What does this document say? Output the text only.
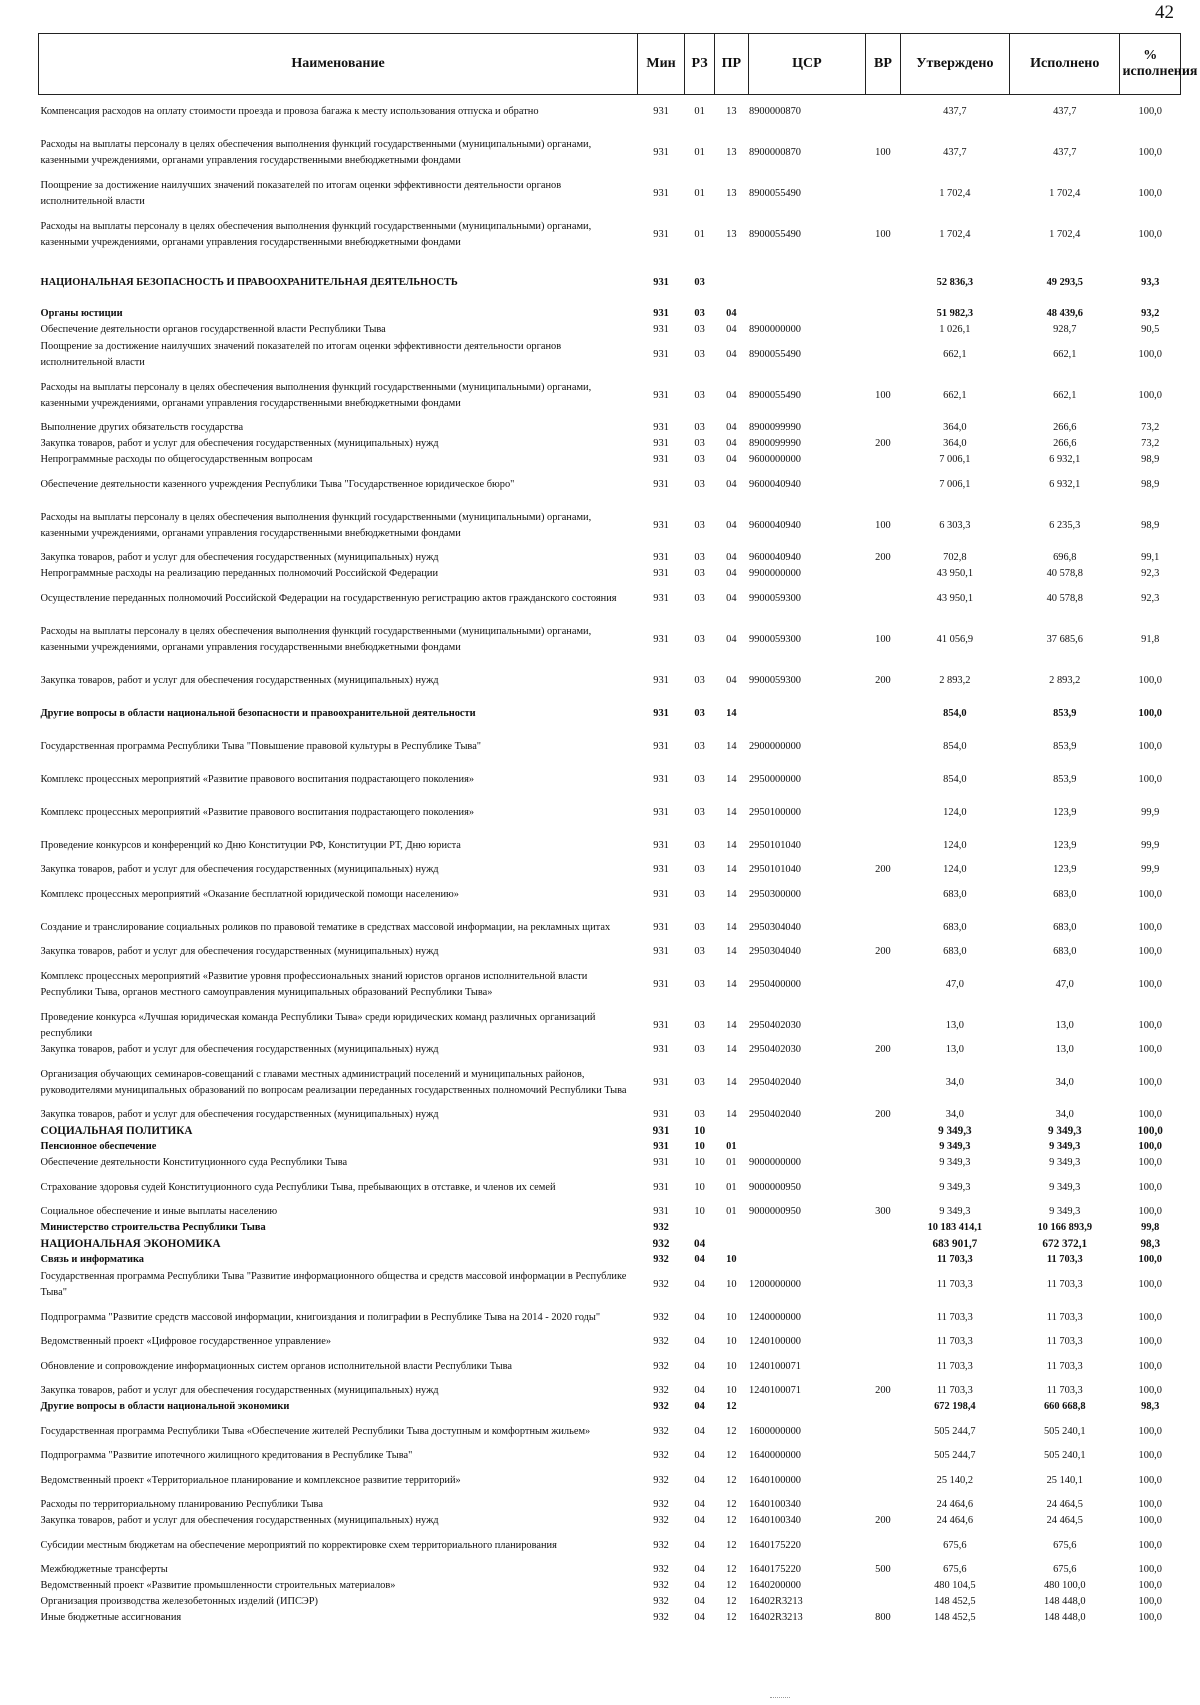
42
Наименование	Мин	РЗ	ПР	ЦСР	ВР	Утверждено	Исполнено	% исполнения
Компенсация расходов на оплату стоимости проезда и провоза багажа к месту использования отпуска и обратно	931	01	13	8900000870		437,7	437,7	100,0
Расходы на выплаты персоналу в целях обеспечения выполнения функций государственными (муниципальными) органами, казенными учреждениями, органами управления государственными внебюджетными фондами	931	01	13	8900000870	100	437,7	437,7	100,0
Поощрение за достижение наилучших значений показателей по итогам оценки эффективности деятельности органов исполнительной власти	931	01	13	8900055490		1 702,4	1 702,4	100,0
Расходы на выплаты персоналу в целях обеспечения выполнения функций государственными (муниципальными) органами, казенными учреждениями, органами управления государственными внебюджетными фондами	931	01	13	8900055490	100	1 702,4	1 702,4	100,0

НАЦИОНАЛЬНАЯ БЕЗОПАСНОСТЬ И ПРАВООХРАНИТЕЛЬНАЯ ДЕЯТЕЛЬНОСТЬ	931	03				52 836,3	49 293,5	93,3

Органы юстиции	931	03	04			51 982,3	48 439,6	93,2
Обеспечение деятельности органов государственной власти Республики Тыва	931	03	04	8900000000		1 026,1	928,7	90,5
Поощрение за достижение наилучших значений показателей по итогам оценки эффективности деятельности органов исполнительной власти	931	03	04	8900055490		662,1	662,1	100,0
Расходы на выплаты персоналу в целях обеспечения выполнения функций государственными (муниципальными) органами, казенными учреждениями, органами управления государственными внебюджетными фондами	931	03	04	8900055490	100	662,1	662,1	100,0
Выполнение других обязательств государства	931	03	04	8900099990		364,0	266,6	73,2
Закупка товаров, работ и услуг для обеспечения государственных (муниципальных) нужд	931	03	04	8900099990	200	364,0	266,6	73,2
Непрограммные расходы по общегосударственным вопросам	931	03	04	9600000000		7 006,1	6 932,1	98,9
Обеспечение деятельности казенного учреждения Республики Тыва "Государственное юридическое бюро"	931	03	04	9600040940		7 006,1	6 932,1	98,9
Расходы на выплаты персоналу в целях обеспечения выполнения функций государственными (муниципальными) органами, казенными учреждениями, органами управления государственными внебюджетными фондами	931	03	04	9600040940	100	6 303,3	6 235,3	98,9
Закупка товаров, работ и услуг для обеспечения государственных (муниципальных) нужд	931	03	04	9600040940	200	702,8	696,8	99,1
Непрограммные расходы на реализацию переданных полномочий Российской Федерации	931	03	04	9900000000		43 950,1	40 578,8	92,3
Осуществление переданных полномочий Российской Федерации на государственную регистрацию актов гражданского состояния	931	03	04	9900059300		43 950,1	40 578,8	92,3
Расходы на выплаты персоналу в целях обеспечения выполнения функций государственными (муниципальными) органами, казенными учреждениями, органами управления государственными внебюджетными фондами	931	03	04	9900059300	100	41 056,9	37 685,6	91,8
Закупка товаров, работ и услуг для обеспечения государственных (муниципальных) нужд	931	03	04	9900059300	200	2 893,2	2 893,2	100,0
Другие вопросы в области национальной безопасности и правоохранительной деятельности	931	03	14			854,0	853,9	100,0
Государственная программа Республики Тыва "Повышение правовой культуры в Республике Тыва"	931	03	14	2900000000		854,0	853,9	100,0
Комплекс процессных мероприятий «Развитие правового воспитания подрастающего поколения»	931	03	14	2950000000		854,0	853,9	100,0
Комплекс процессных мероприятий «Развитие правового воспитания подрастающего поколения»	931	03	14	2950100000		124,0	123,9	99,9
Проведение конкурсов и конференций ко Дню Конституции РФ, Конституции РТ, Дню юриста	931	03	14	2950101040		124,0	123,9	99,9
Закупка товаров, работ и услуг для обеспечения государственных (муниципальных) нужд	931	03	14	2950101040	200	124,0	123,9	99,9
Комплекс процессных мероприятий «Оказание бесплатной юридической помощи населению»	931	03	14	2950300000		683,0	683,0	100,0
Создание и транслирование социальных роликов по правовой тематике в средствах массовой информации, на рекламных щитах	931	03	14	2950304040		683,0	683,0	100,0
Закупка товаров, работ и услуг для обеспечения государственных (муниципальных) нужд	931	03	14	2950304040	200	683,0	683,0	100,0
Комплекс процессных мероприятий «Развитие уровня профессиональных знаний юристов органов исполнительной власти Республики Тыва, органов местного самоуправления муниципальных образований Республики Тыва»	931	03	14	2950400000		47,0	47,0	100,0
Проведение конкурса «Лучшая юридическая команда Республики Тыва» среди юридических команд различных организаций республики	931	03	14	2950402030		13,0	13,0	100,0
Закупка товаров, работ и услуг для обеспечения государственных (муниципальных) нужд	931	03	14	2950402030	200	13,0	13,0	100,0
Организация обучающих семинаров-совещаний с главами местных администраций поселений и муниципальных районов, руководителями муниципальных образований по вопросам реализации переданных государственных полномочий Республики Тыва	931	03	14	2950402040		34,0	34,0	100,0
Закупка товаров, работ и услуг для обеспечения государственных (муниципальных) нужд	931	03	14	2950402040	200	34,0	34,0	100,0
СОЦИАЛЬНАЯ ПОЛИТИКА	931	10				9 349,3	9 349,3	100,0
Пенсионное обеспечение	931	10	01			9 349,3	9 349,3	100,0
Обеспечение деятельности Конституционного суда Республики Тыва	931	10	01	9000000000		9 349,3	9 349,3	100,0
Страхование здоровья судей Конституционного суда Республики Тыва, пребывающих в отставке, и членов их семей	931	10	01	9000000950		9 349,3	9 349,3	100,0
Социальное обеспечение и иные выплаты населению	931	10	01	9000000950	300	9 349,3	9 349,3	100,0
Министерство строительства Республики Тыва	932					10 183 414,1	10 166 893,9	99,8
НАЦИОНАЛЬНАЯ ЭКОНОМИКА	932	04				683 901,7	672 372,1	98,3
Связь и информатика	932	04	10			11 703,3	11 703,3	100,0
Государственная программа Республики Тыва "Развитие информационного общества и средств массовой информации в Республике Тыва"	932	04	10	1200000000		11 703,3	11 703,3	100,0
Подпрограмма "Развитие средств массовой информации, книгоиздания и полиграфии в Республике Тыва на 2014 - 2020 годы"	932	04	10	1240000000		11 703,3	11 703,3	100,0
Ведомственный проект «Цифровое государственное управление»	932	04	10	1240100000		11 703,3	11 703,3	100,0
Обновление и сопровождение информационных систем органов исполнительной власти Республики Тыва	932	04	10	1240100071		11 703,3	11 703,3	100,0
Закупка товаров, работ и услуг для обеспечения государственных (муниципальных) нужд	932	04	10	1240100071	200	11 703,3	11 703,3	100,0
Другие вопросы в области национальной экономики	932	04	12			672 198,4	660 668,8	98,3
Государственная программа Республики Тыва «Обеспечение жителей Республики Тыва доступным и комфортным жильем»	932	04	12	1600000000		505 244,7	505 240,1	100,0
Подпрограмма "Развитие ипотечного жилищного кредитования в Республике Тыва"	932	04	12	1640000000		505 244,7	505 240,1	100,0
Ведомственный проект «Территориальное планирование и комплексное развитие территорий»	932	04	12	1640100000		25 140,2	25 140,1	100,0
Расходы по территориальному планированию Республики Тыва	932	04	12	1640100340		24 464,6	24 464,5	100,0
Закупка товаров, работ и услуг для обеспечения государственных (муниципальных) нужд	932	04	12	1640100340	200	24 464,6	24 464,5	100,0
Субсидии местным бюджетам на обеспечение мероприятий по корректировке схем территориального планирования	932	04	12	1640175220		675,6	675,6	100,0
Межбюджетные трансферты	932	04	12	1640175220	500	675,6	675,6	100,0
Ведомственный проект «Развитие промышленности строительных материалов»	932	04	12	1640200000		480 104,5	480 100,0	100,0
Организация производства железобетонных изделий (ИПСЭР)	932	04	12	16402R3213		148 452,5	148 448,0	100,0
Иные бюджетные ассигнования	932	04	12	16402R3213	800	148 452,5	148 448,0	100,0
